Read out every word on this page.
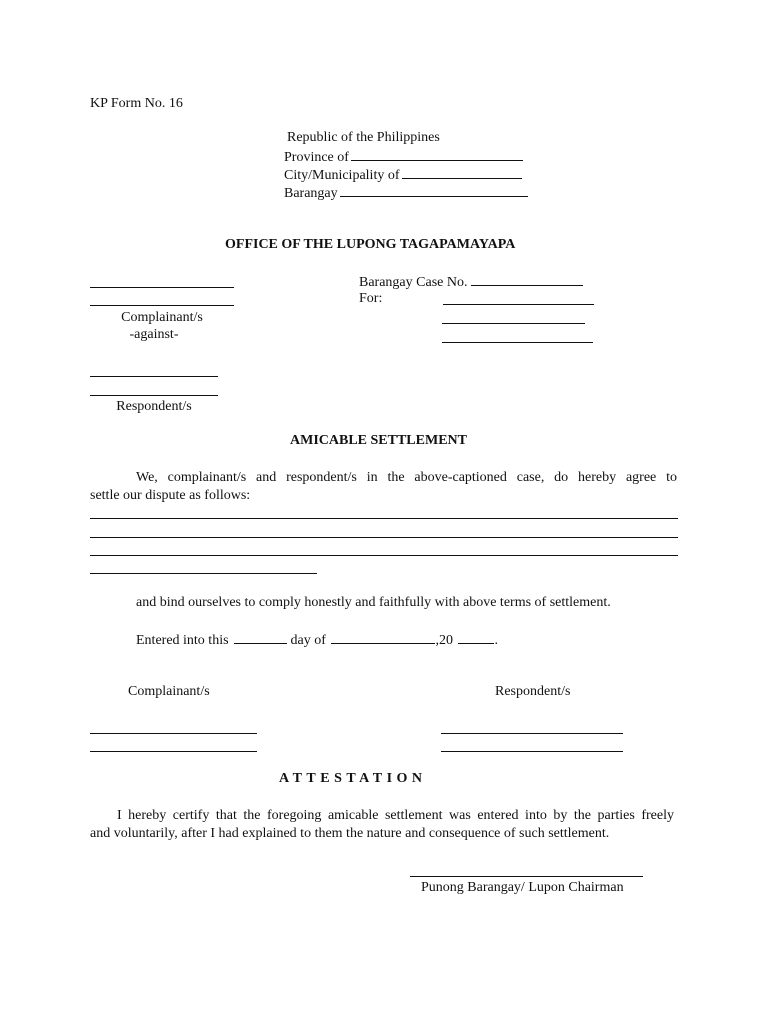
KP Form No. 16
Republic of the Philippines
Province of
City/Municipality of
Barangay
OFFICE OF THE LUPONG TAGAPAMAYAPA
Complainant/s
-against-
Respondent/s
Barangay Case No.
For:
AMICABLE SETTLEMENT
We, complainant/s and respondent/s in the above-captioned case, do hereby agree to
settle our dispute as follows:
and bind ourselves to comply honestly and faithfully with above terms of settlement.
Entered into this	day of	,20	.
Complainant/s	Respondent/s
ATTESTATION
I hereby certify that the foregoing amicable settlement was entered into by the parties freely
and voluntarily, after I had explained to them the nature and consequence of such settlement.
Punong Barangay/ Lupon Chairman
